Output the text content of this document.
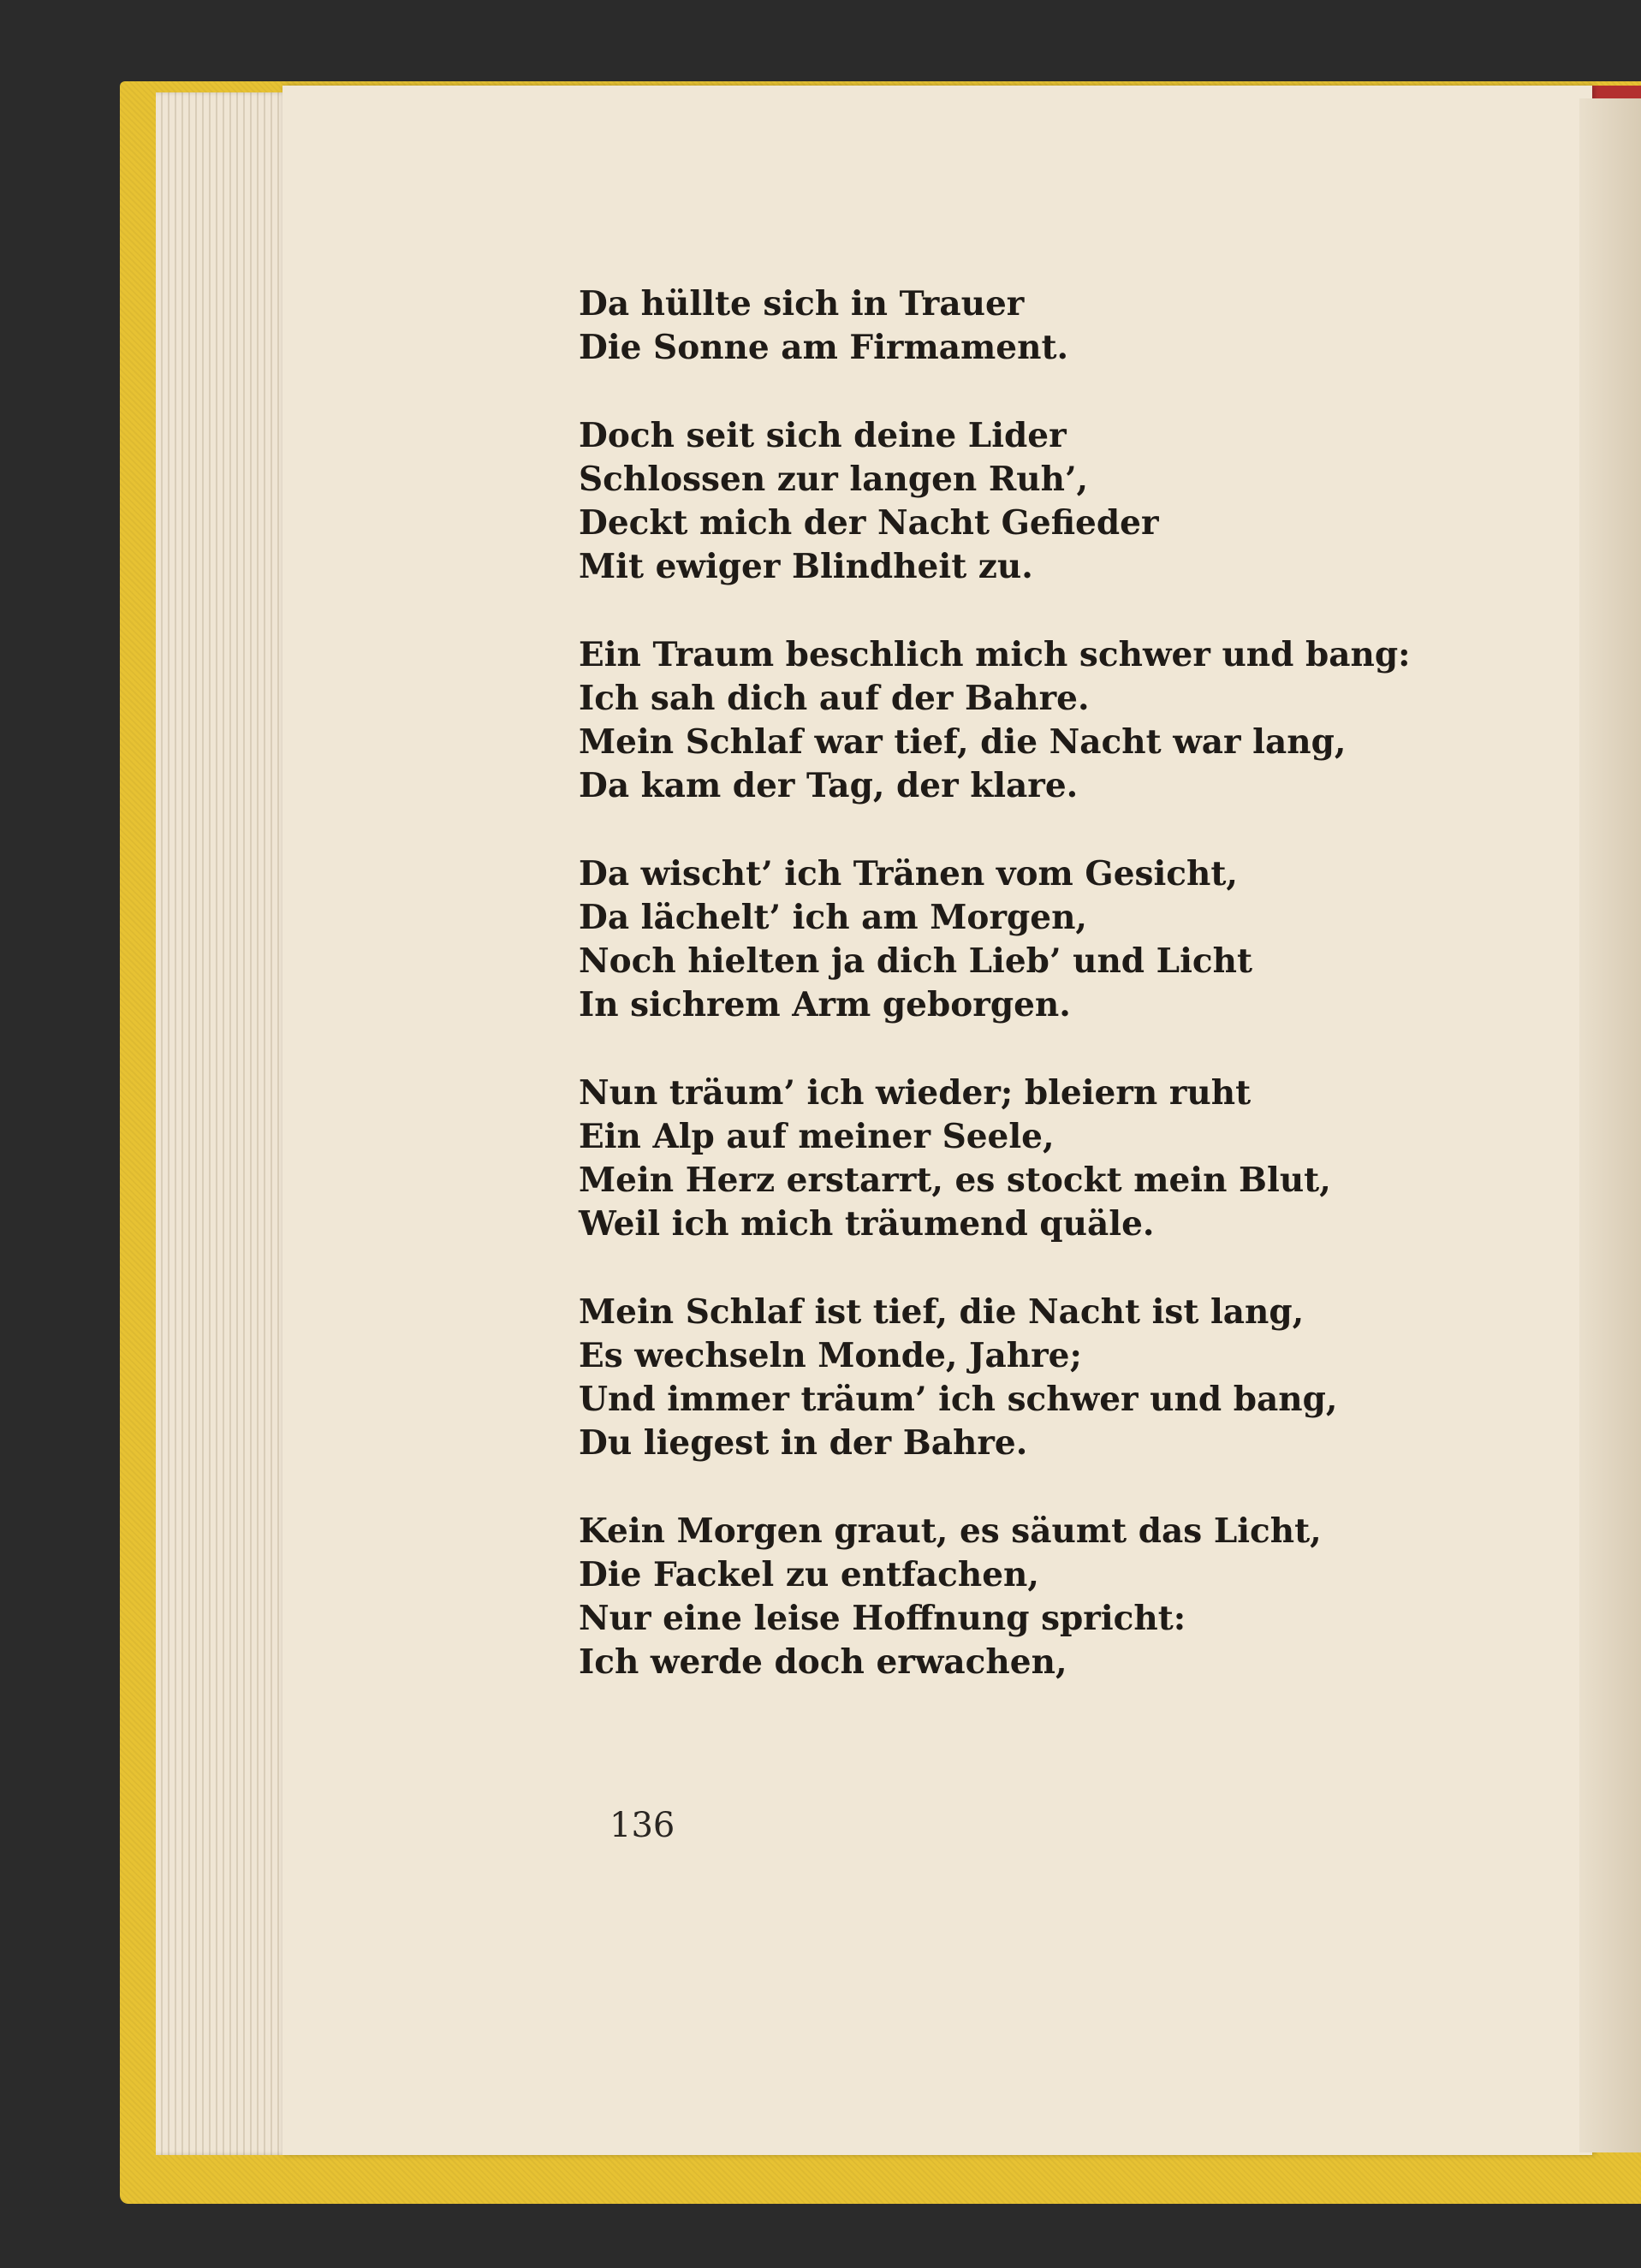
Da hüllte sich in Trauer
Die Sonne am Firmament.
Doch seit sich deine Lider
Schlossen zur langen Ruh’,
Deckt mich der Nacht Gefieder
Mit ewiger Blindheit zu.
Ein Traum beschlich mich schwer und bang:
Ich sah dich auf der Bahre.
Mein Schlaf war tief, die Nacht war lang,
Da kam der Tag, der klare.
Da wischt’ ich Tränen vom Gesicht,
Da lächelt’ ich am Morgen,
Noch hielten ja dich Lieb’ und Licht
In sichrem Arm geborgen.
Nun träum’ ich wieder; bleiern ruht
Ein Alp auf meiner Seele,
Mein Herz erstarrt, es stockt mein Blut,
Weil ich mich träumend quäle.
Mein Schlaf ist tief, die Nacht ist lang,
Es wechseln Monde, Jahre;
Und immer träum’ ich schwer und bang,
Du liegest in der Bahre.
Kein Morgen graut, es säumt das Licht,
Die Fackel zu entfachen,
Nur eine leise Hoffnung spricht:
Ich werde doch erwachen,
136
